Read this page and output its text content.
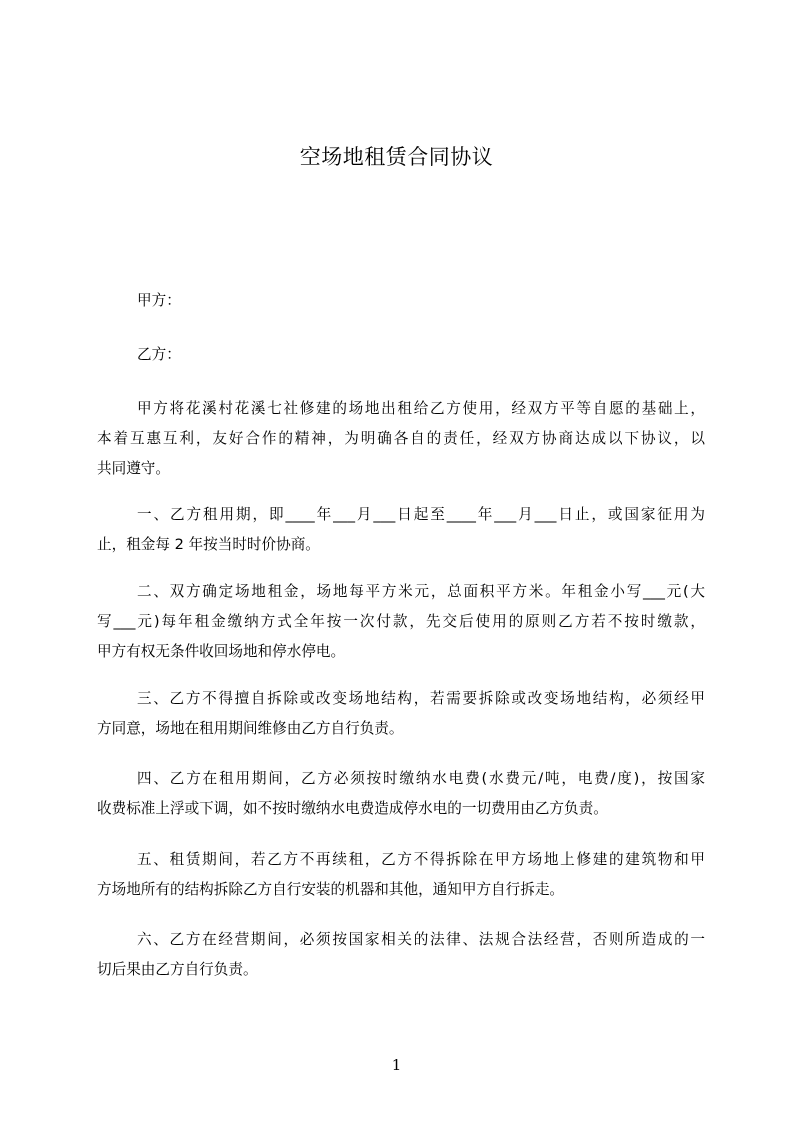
空场地租赁合同协议
甲方：
乙方：
甲方将花溪村花溪七社修建的场地出租给乙方使用，经双方平等自愿的基础上，
本着互惠互利，友好合作的精神，为明确各自的责任，经双方协商达成以下协议，以
共同遵守。
一、乙方租用期，即____年___月___日起至____年___月___日止，或国家征用为
止，租金每 2 年按当时时价协商。
二、双方确定场地租金，场地每平方米元，总面积平方米。年租金小写___元(大
写___元)每年租金缴纳方式全年按一次付款，先交后使用的原则乙方若不按时缴款，
甲方有权无条件收回场地和停水停电。
三、乙方不得擅自拆除或改变场地结构，若需要拆除或改变场地结构，必须经甲
方同意，场地在租用期间维修由乙方自行负责。
四、乙方在租用期间，乙方必须按时缴纳水电费(水费元/吨，电费/度)，按国家
收费标准上浮或下调，如不按时缴纳水电费造成停水电的一切费用由乙方负责。
五、租赁期间，若乙方不再续租，乙方不得拆除在甲方场地上修建的建筑物和甲
方场地所有的结构拆除乙方自行安装的机器和其他，通知甲方自行拆走。
六、乙方在经营期间，必须按国家相关的法律、法规合法经营，否则所造成的一
切后果由乙方自行负责。
1
